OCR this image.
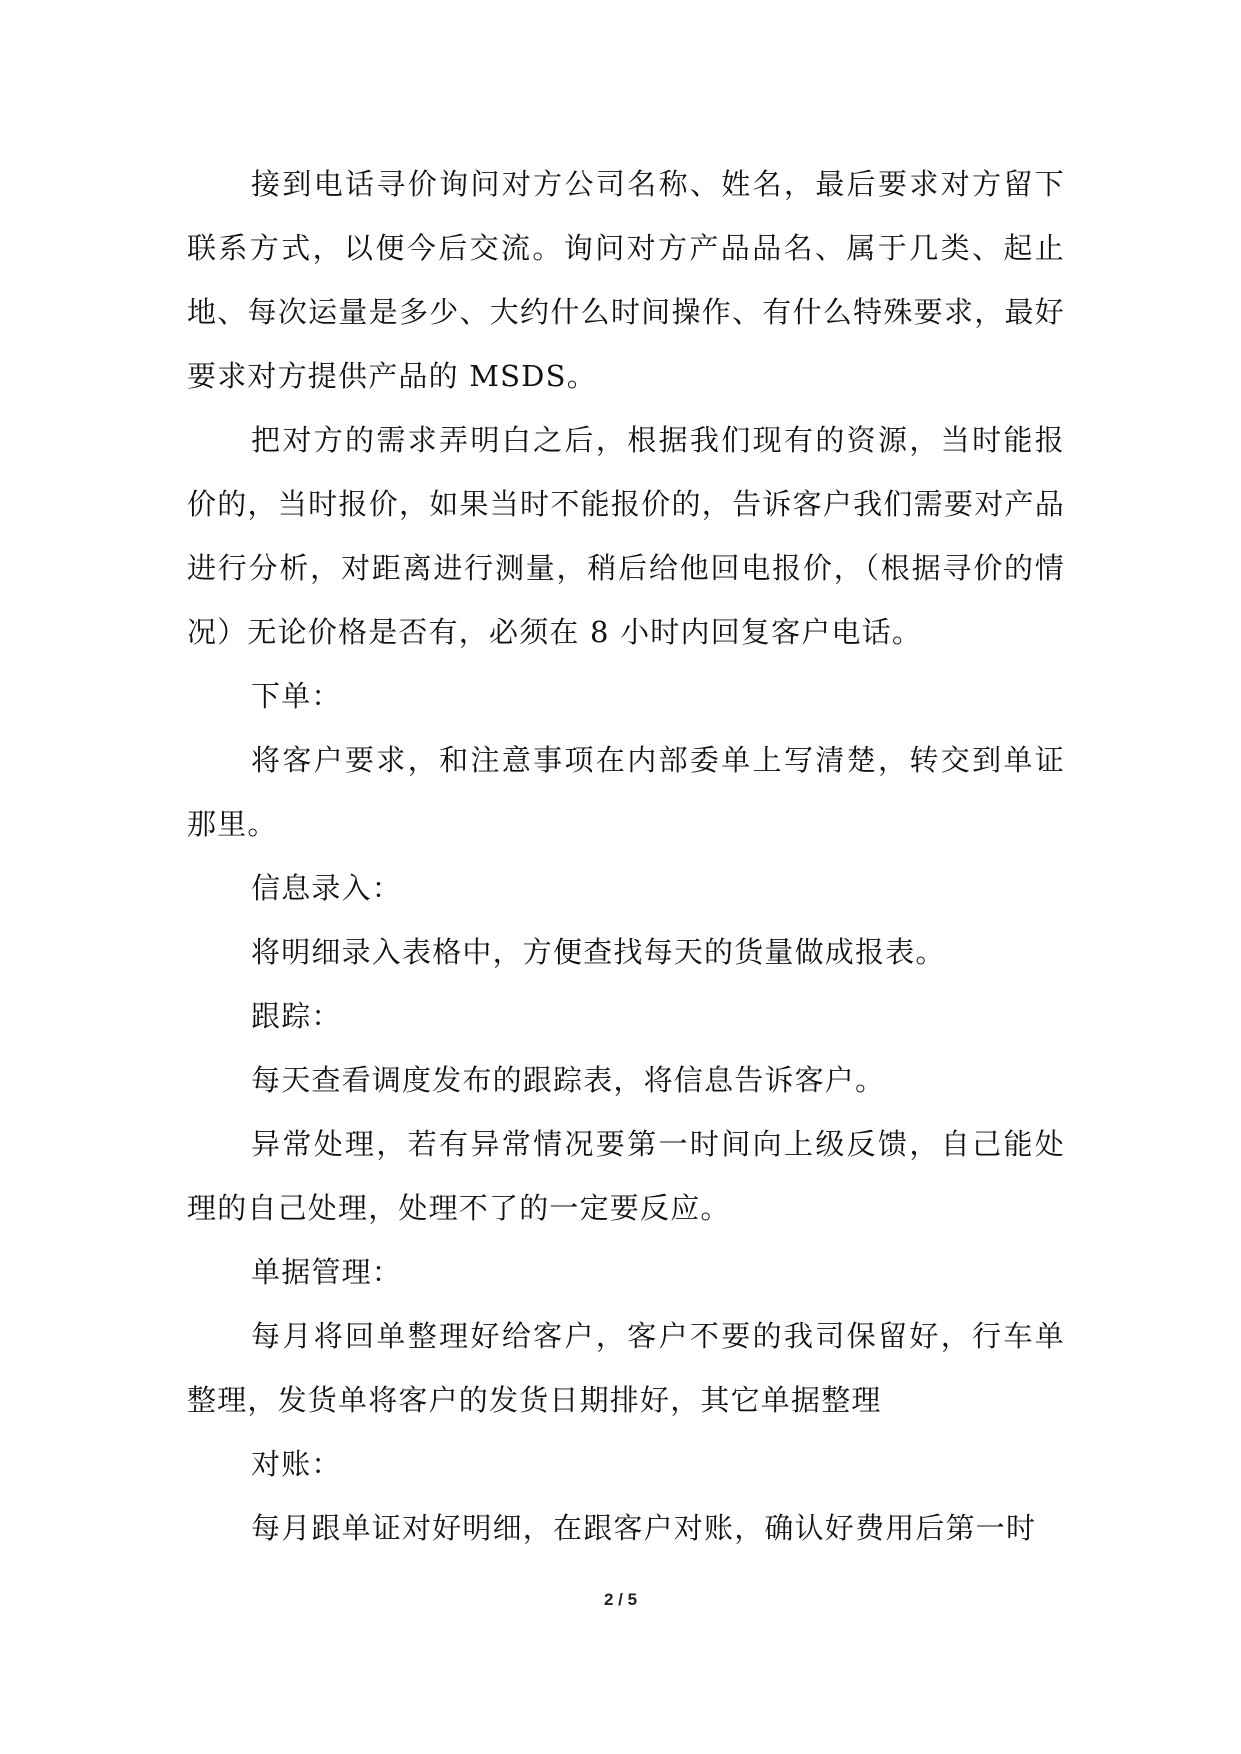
接到电话寻价询问对方公司名称、姓名，最后要求对方留下联系方式，以便今后交流。询问对方产品品名、属于几类、起止地、每次运量是多少、大约什么时间操作、有什么特殊要求，最好要求对方提供产品的 MSDS。

把对方的需求弄明白之后，根据我们现有的资源，当时能报价的，当时报价，如果当时不能报价的，告诉客户我们需要对产品进行分析，对距离进行测量，稍后给他回电报价，（根据寻价的情况）无论价格是否有，必须在 8 小时内回复客户电话。

下单：

将客户要求，和注意事项在内部委单上写清楚，转交到单证那里。

信息录入：

将明细录入表格中，方便查找每天的货量做成报表。

跟踪：

每天查看调度发布的跟踪表，将信息告诉客户。

异常处理，若有异常情况要第一时间向上级反馈，自己能处理的自己处理，处理不了的一定要反应。

单据管理：

每月将回单整理好给客户，客户不要的我司保留好，行车单整理，发货单将客户的发货日期排好，其它单据整理

对账：

每月跟单证对好明细，在跟客户对账，确认好费用后第一时

2 / 5
